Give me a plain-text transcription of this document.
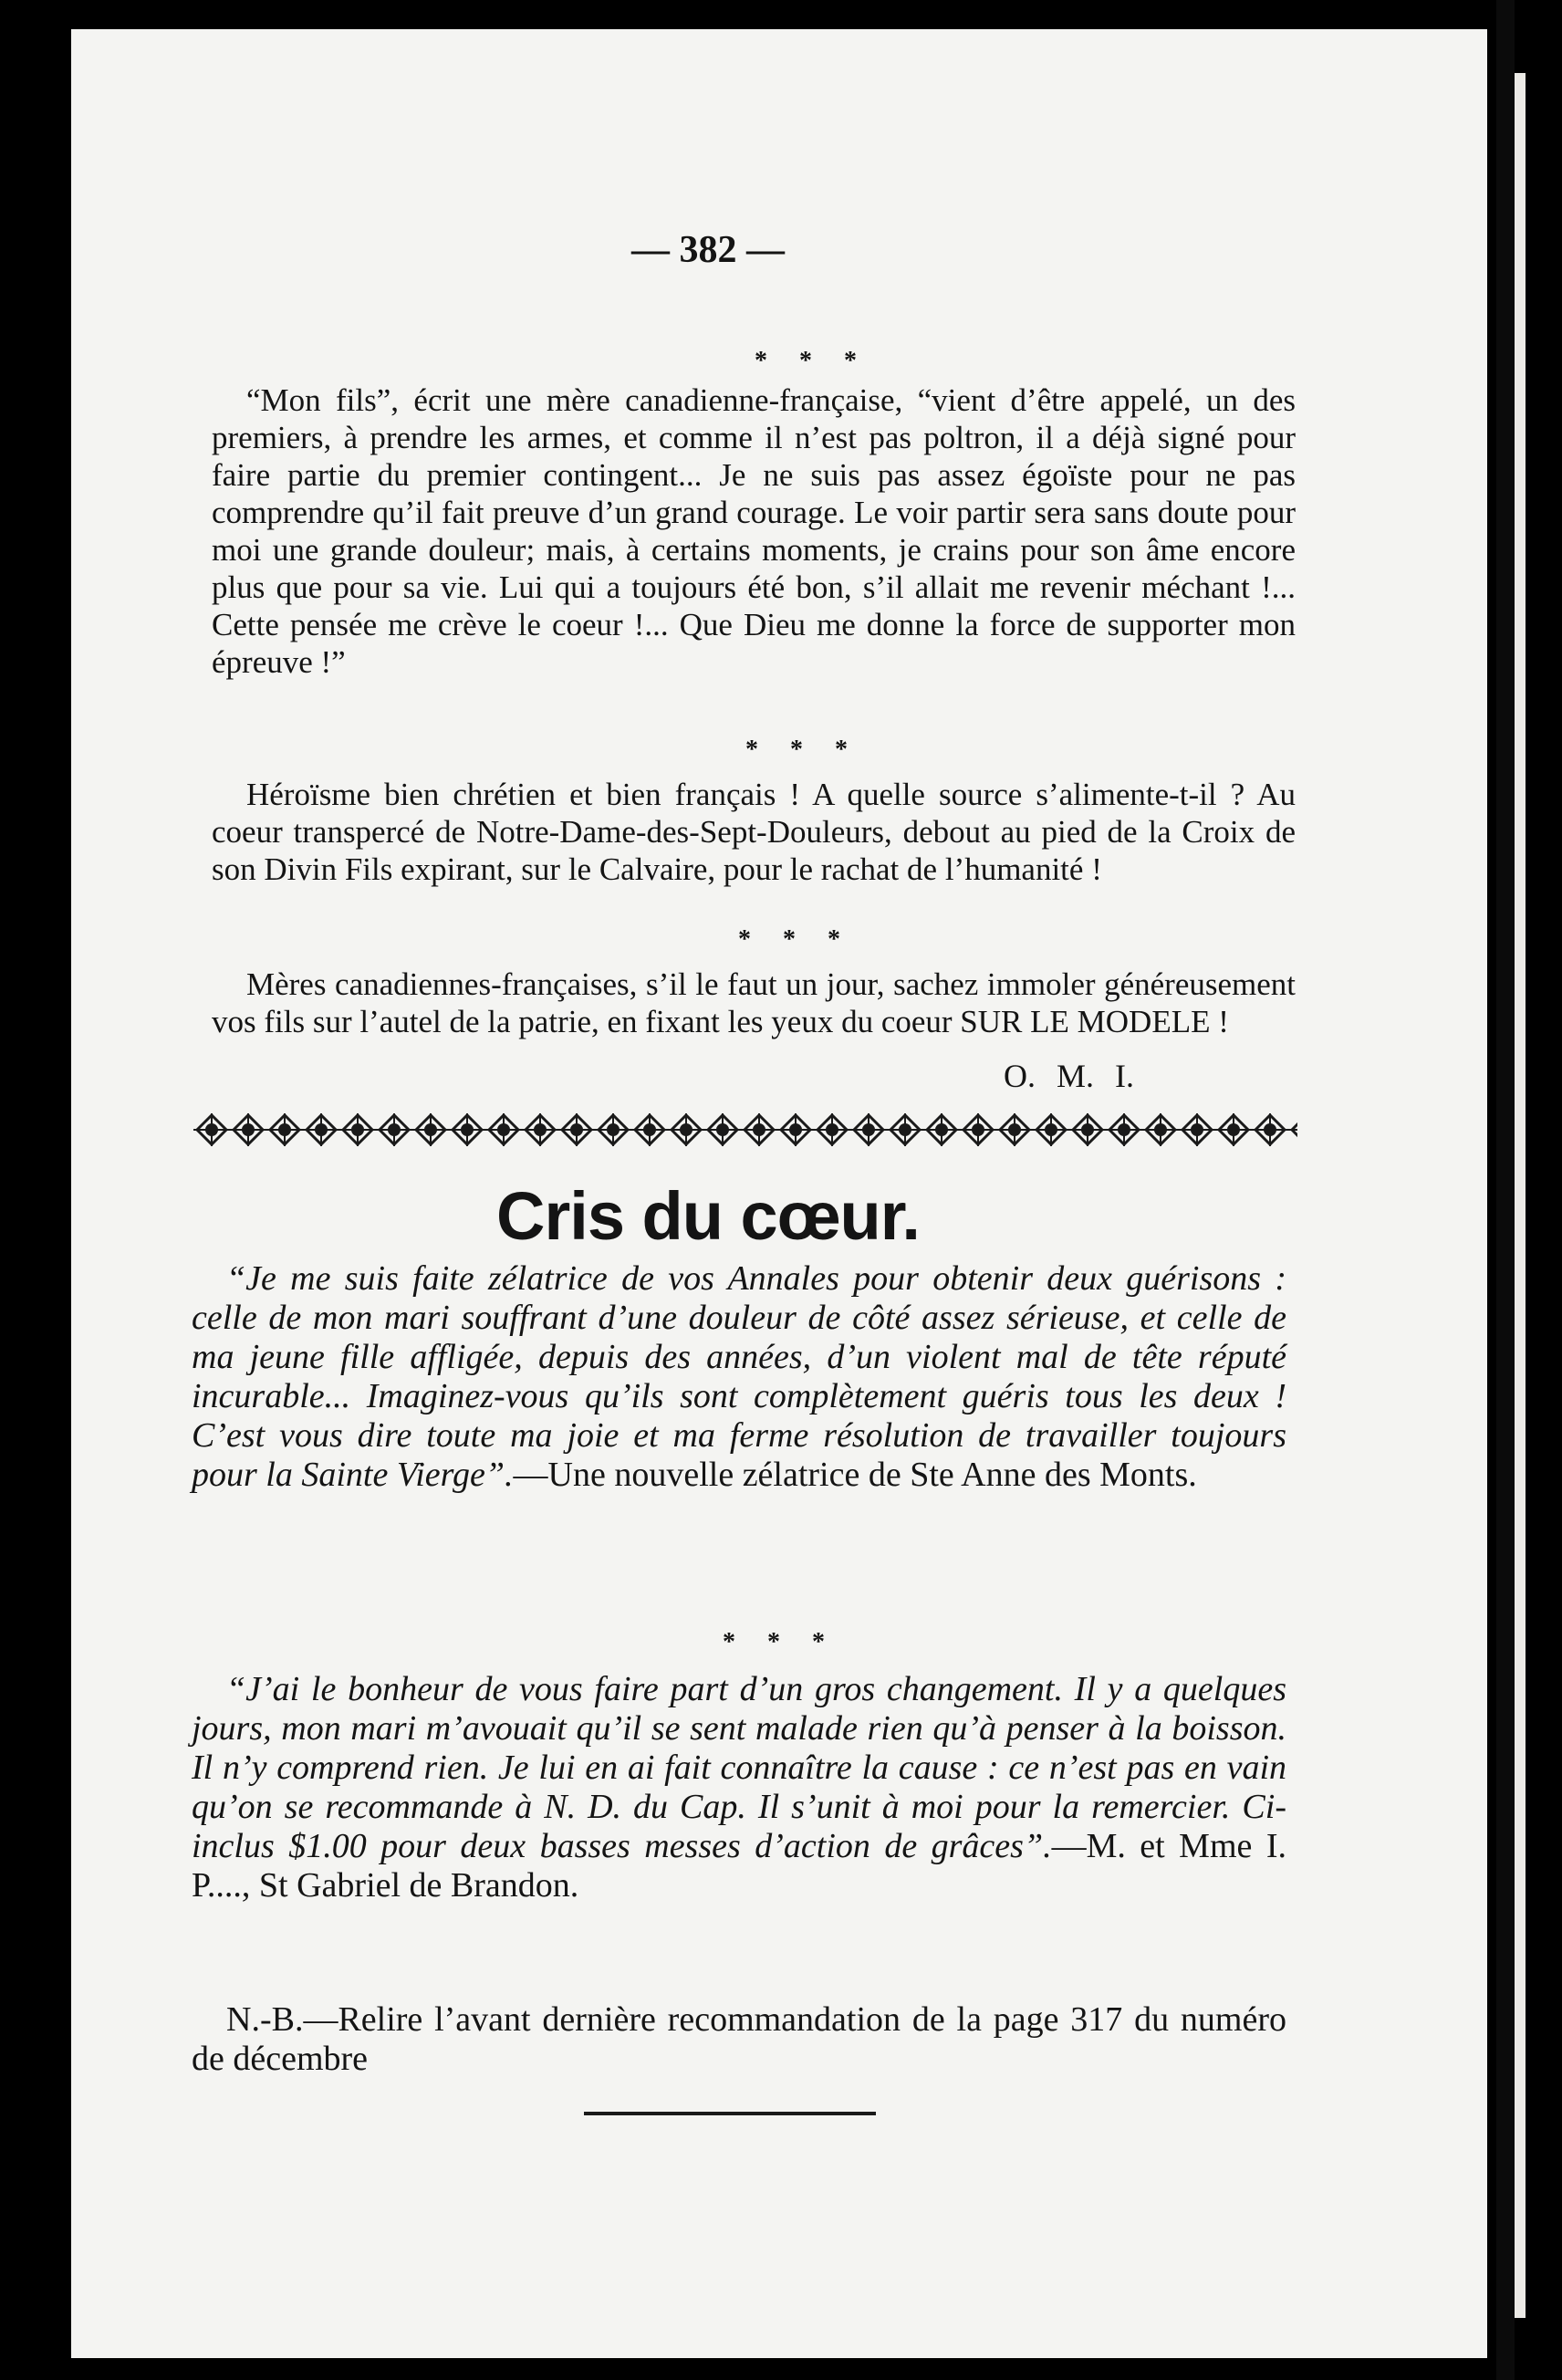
— 382 —
* * *
“Mon fils”, écrit une mère canadienne-française, “vient d’être appelé, un des premiers, à prendre les armes, et comme il n’est pas poltron, il a déjà signé pour faire partie du premier contingent... Je ne suis pas assez égoïste pour ne pas comprendre qu’il fait preuve d’un grand courage. Le voir partir sera sans doute pour moi une grande douleur; mais, à certains moments, je crains pour son âme encore plus que pour sa vie. Lui qui a toujours été bon, s’il allait me revenir méchant !... Cette pensée me crève le coeur !... Que Dieu me donne la force de supporter mon épreuve !”
* * *
Héroïsme bien chrétien et bien français ! A quelle source s’alimente-t-il ? Au coeur transpercé de Notre-Dame-des-Sept-Douleurs, debout au pied de la Croix de son Divin Fils expirant, sur le Calvaire, pour le rachat de l’humanité !
* * *
Mères canadiennes-françaises, s’il le faut un jour, sachez immoler généreusement vos fils sur l’autel de la patrie, en fixant les yeux du coeur SUR LE MODELE !
O. M. I.
Cris du cœur.
“Je me suis faite zélatrice de vos Annales pour obtenir deux guérisons : celle de mon mari souffrant d’une douleur de côté assez sérieuse, et celle de ma jeune fille affligée, depuis des années, d’un violent mal de tête réputé incurable... Imaginez-vous qu’ils sont complètement guéris tous les deux ! C’est vous dire toute ma joie et ma ferme résolution de travailler toujours pour la Sainte Vierge”.—Une nouvelle zélatrice de Ste Anne des Monts.
* * *
“J’ai le bonheur de vous faire part d’un gros changement. Il y a quelques jours, mon mari m’avouait qu’il se sent malade rien qu’à penser à la boisson. Il n’y comprend rien. Je lui en ai fait connaître la cause : ce n’est pas en vain qu’on se recommande à N. D. du Cap. Il s’unit à moi pour la remercier. Ci-inclus $1.00 pour deux basses messes d’action de grâces”.—M. et Mme I. P...., St Gabriel de Brandon.
N.-B.—Relire l’avant dernière recommandation de la page 317 du numéro de décembre
